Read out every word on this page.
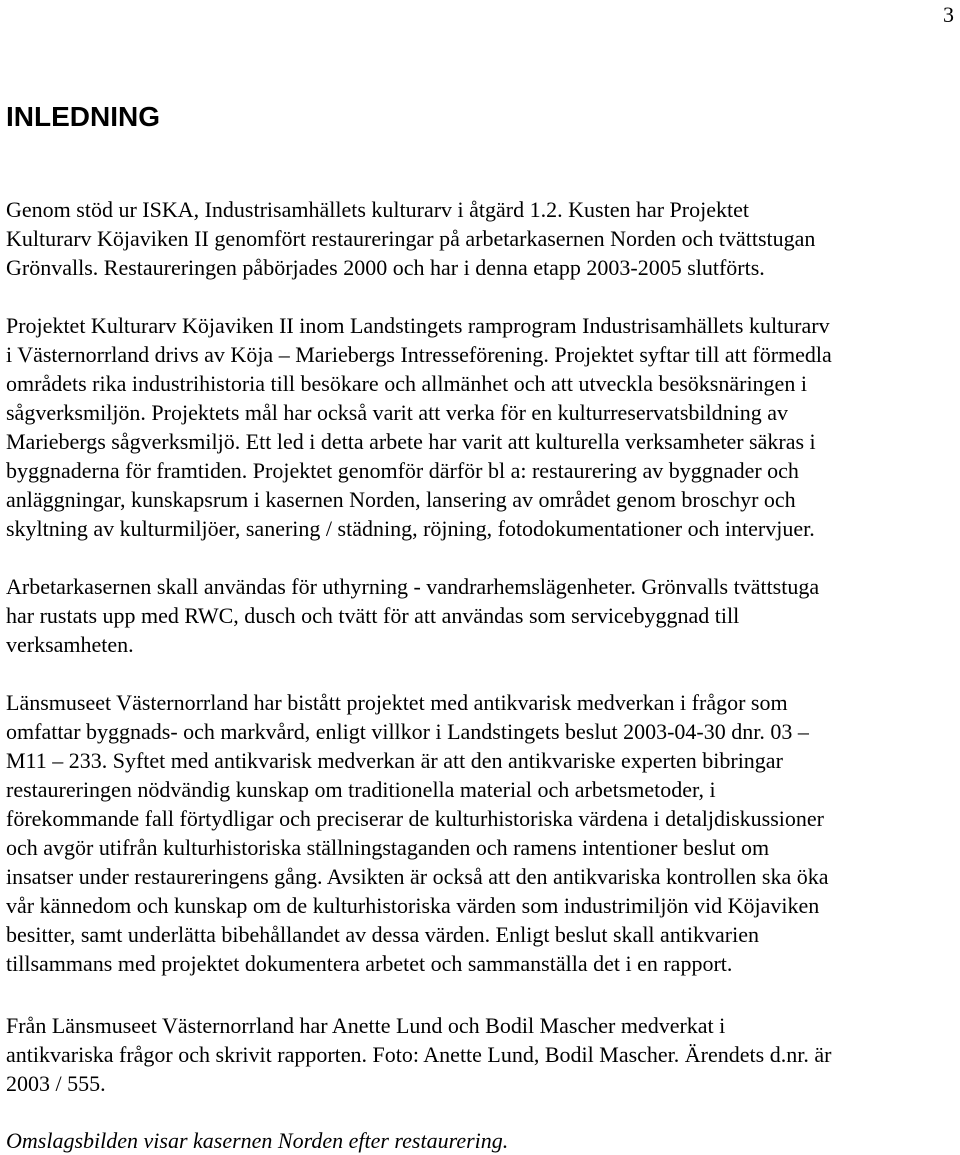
3
INLEDNING

Genom stöd ur ISKA, Industrisamhällets kulturarv i åtgärd 1.2. Kusten har Projektet
Kulturarv Köjaviken II genomfört restaureringar på arbetarkasernen Norden och tvättstugan
Grönvalls. Restaureringen påbörjades 2000 och har i denna etapp 2003-2005 slutförts.

Projektet Kulturarv Köjaviken II inom Landstingets ramprogram Industrisamhällets kulturarv
i Västernorrland drivs av Köja – Mariebergs Intresseförening. Projektet syftar till att förmedla
områdets rika industrihistoria till besökare och allmänhet och att utveckla besöksnäringen i
sågverksmiljön. Projektets mål har också varit att verka för en kulturreservatsbildning av
Mariebergs sågverksmiljö. Ett led i detta arbete har varit att kulturella verksamheter säkras i
byggnaderna för framtiden. Projektet genomför därför bl a: restaurering av byggnader och
anläggningar, kunskapsrum i kasernen Norden, lansering av området genom broschyr och
skyltning av kulturmiljöer, sanering / städning, röjning, fotodokumentationer och intervjuer.

Arbetarkasernen skall användas för uthyrning - vandrarhemslägenheter. Grönvalls tvättstuga
har rustats upp med RWC, dusch och tvätt för att användas som servicebyggnad till
verksamheten.

Länsmuseet Västernorrland har bistått projektet med antikvarisk medverkan i frågor som
omfattar byggnads- och markvård, enligt villkor i Landstingets beslut 2003-04-30 dnr. 03 –
M11 – 233. Syftet med antikvarisk medverkan är att den antikvariske experten bibringar
restaureringen nödvändig kunskap om traditionella material och arbetsmetoder, i
förekommande fall förtydligar och preciserar de kulturhistoriska värdena i detaljdiskussioner
och avgör utifrån kulturhistoriska ställningstaganden och ramens intentioner beslut om
insatser under restaureringens gång. Avsikten är också att den antikvariska kontrollen ska öka
vår kännedom och kunskap om de kulturhistoriska värden som industrimiljön vid Köjaviken
besitter, samt underlätta bibehållandet av dessa värden. Enligt beslut skall antikvarien
tillsammans med projektet dokumentera arbetet och sammanställa det i en rapport.

Från Länsmuseet Västernorrland har Anette Lund och Bodil Mascher medverkat i
antikvariska frågor och skrivit rapporten. Foto: Anette Lund, Bodil Mascher. Ärendets d.nr. är
2003 / 555.

Omslagsbilden visar kasernen Norden efter restaurering.
